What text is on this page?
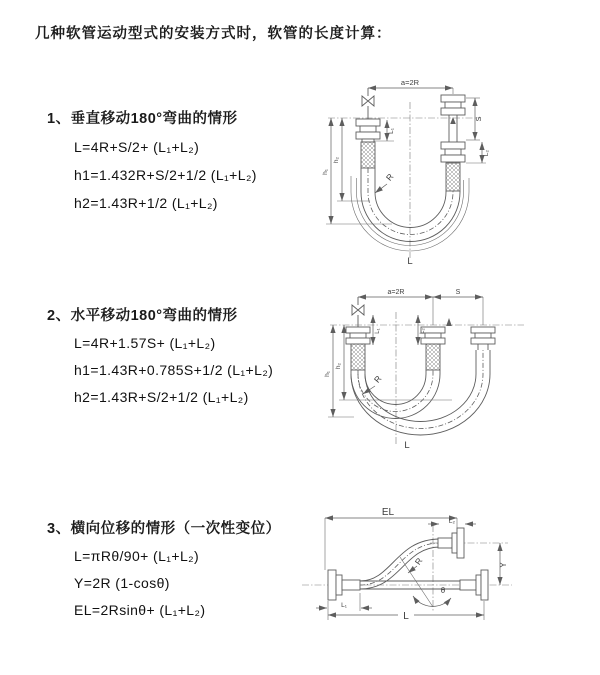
几种软管运动型式的安装方式时，软管的长度计算：
1、垂直移动180°弯曲的情形
L=4R+S/2+ (L₁+L₂)
h1=1.432R+S/2+1/2 (L₁+L₂)
h2=1.43R+1/2 (L₁+L₂)
2、水平移动180°弯曲的情形
L=4R+1.57S+ (L₁+L₂)
h1=1.43R+0.785S+1/2 (L₁+L₂)
h2=1.43R+S/2+1/2 (L₁+L₂)
3、横向位移的情形（一次性变位）
L=πRθ/90+ (L₁+L₂)
Y=2R (1-cosθ)
EL=2Rsinθ+ (L₁+L₂)
a=2R
S
L₂
h₁
h₂
L₁
R
L
a=2R	S
L₁	L₂
h₁
h₂
R
L
EL
L₂
Y
θ
R
L₁
L
